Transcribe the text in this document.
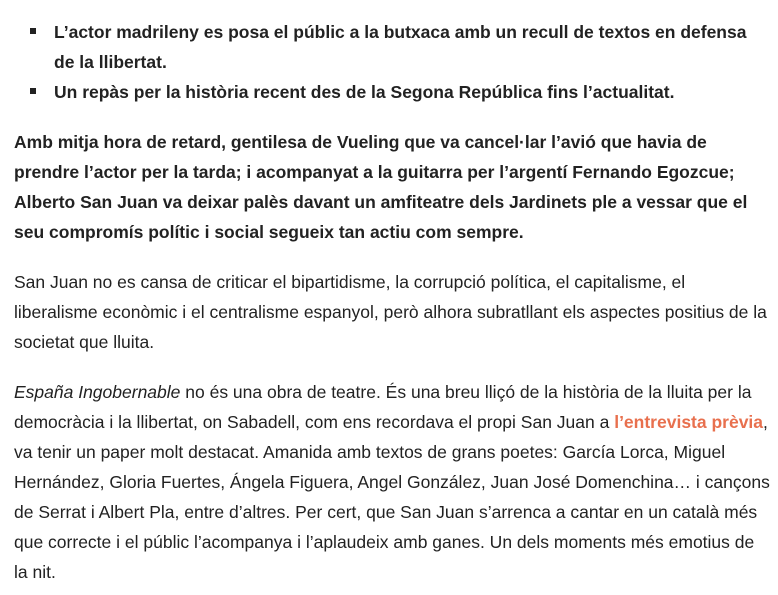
L’actor madrileny es posa el públic a la butxaca amb un recull de textos en defensa de la llibertat.
Un repàs per la història recent des de la Segona República fins l’actualitat.

Amb mitja hora de retard, gentilesa de Vueling que va cancel·lar l’avió que havia de prendre l’actor per la tarda; i acompanyat a la guitarra per l’argentí Fernando Egozcue; Alberto San Juan va deixar palès davant un amfiteatre dels Jardinets ple a vessar que el seu compromís polític i social segueix tan actiu com sempre.

San Juan no es cansa de criticar el bipartidisme, la corrupció política, el capitalisme, el liberalisme econòmic i el centralisme espanyol, però alhora subratllant els aspectes positius de la societat que lluita.

España Ingobernable no és una obra de teatre. És una breu lliçó de la història de la lluita per la democràcia i la llibertat, on Sabadell, com ens recordava el propi San Juan a l’entrevista prèvia, va tenir un paper molt destacat. Amanida amb textos de grans poetes: García Lorca, Miguel Hernández, Gloria Fuertes, Ángela Figuera, Angel González, Juan José Domenchina… i cançons de Serrat i Albert Pla, entre d’altres. Per cert, que San Juan s’arrenca a cantar en un català més que correcte i el públic l’acompanya i l’aplaudeix amb ganes. Un dels moments més emotius de la nit.
